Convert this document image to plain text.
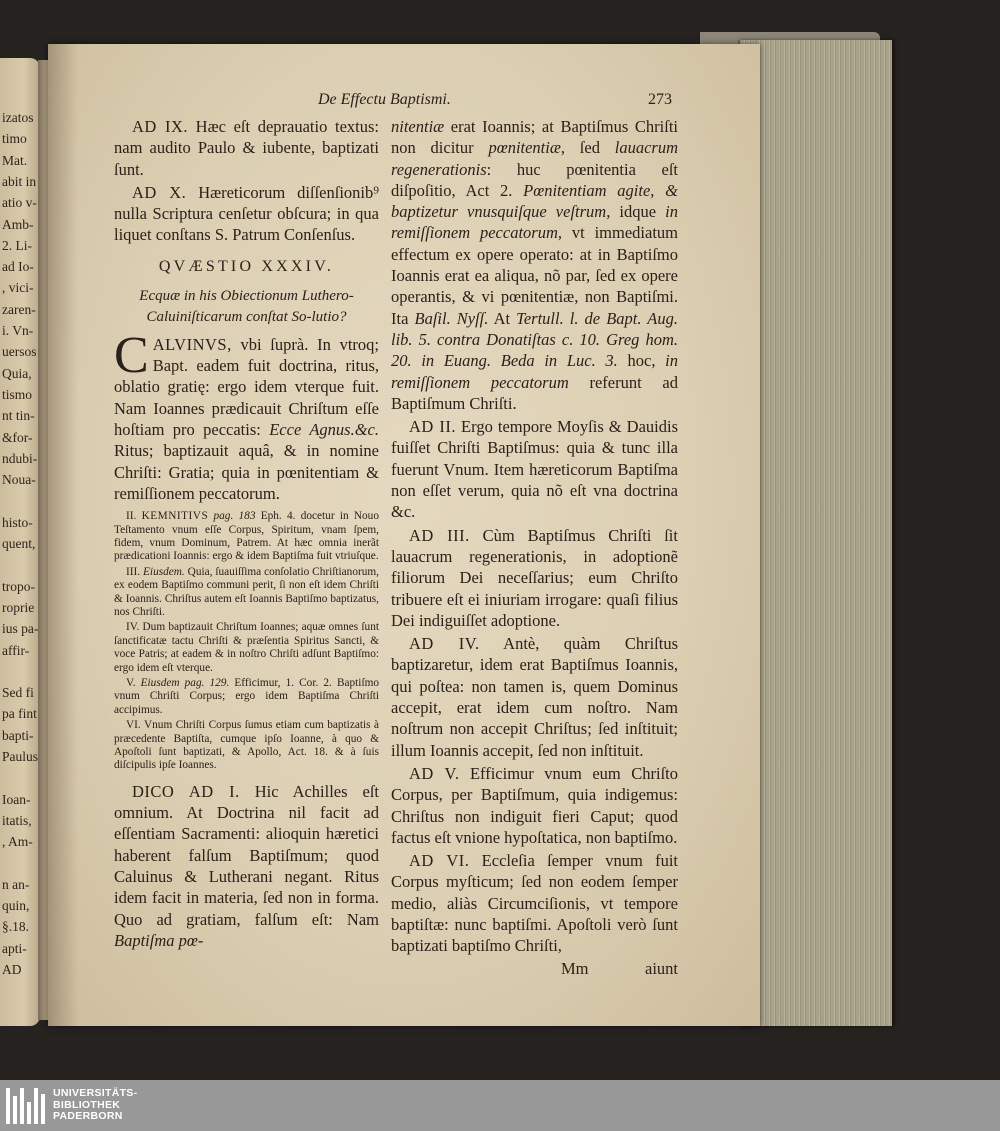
izatos
timo
Mat.
abit in
atio v-
Amb-
2. Li-
ad Io-
, vici-
zaren-
i. Vn-
uersos
Quia,
tismo
nt tin-
&for-
ndubi-
Noua-
histo-
quent,
tropo-
roprie
ius pa-
affir-
Sed fi
pa fint
bapti-
Paulus
Ioan-
itatis,
, Am-
n an-
quin,
§.18.
apti-
AD
De Effectu Baptismi.	273

AD IX. Hæc eſt deprauatio textus: nam audito Paulo & iubente, baptizati ſunt.

AD X. Hæreticorum diſſenſionib⁹ nulla Scriptura cenſetur obſcura; in qua liquet conſtans S. Patrum Conſenſus.

QVÆSTIO XXXIV.

Ecquæ in his Obiectionum Luthero-Caluiniſticarum conſtat So-lutio?

CALVINVS, vbi ſuprà. In vtroq; Bapt. eadem fuit doctrina, ritus, oblatio gratię: ergo idem vterque fuit. Nam Ioannes prædicauit Chriſtum eſſe hoſtiam pro peccatis: Ecce Agnus.&c. Ritus; baptizauit aquâ, & in nomine Chriſti: Gratia; quia in pœnitentiam & remiſſionem peccatorum.

II. KEMNITIVS pag. 183 Eph. 4. docetur in Nouo Teſtamento vnum eſſe Corpus, Spiritum, vnam ſpem, fidem, vnum Dominum, Patrem. At hæc omnia inerãt prædicationi Ioannis: ergo & idem Baptiſma fuit vtriuſque.

III. Eiusdem. Quia, ſuauiſſima conſolatio Chriſtianorum, ex eodem Baptiſmo communi perit, ſi non eſt idem Chriſti & Ioannis. Chriſtus autem eſt Ioannis Baptiſmo baptizatus, nos Chriſti.

IV. Dum baptizauit Chriſtum Ioannes; aquæ omnes ſunt ſanctificatæ tactu Chriſti & præſentia Spiritus Sancti, & voce Patris; at eadem & in noſtro Chriſti adſunt Baptiſmo: ergo idem eſt vterque.

V. Eiusdem pag. 129. Efficimur, 1. Cor. 2. Baptiſmo vnum Chriſti Corpus; ergo idem Baptiſma Chriſti accipimus.

VI. Vnum Chriſti Corpus ſumus etiam cum baptizatis à præcedente Baptiſta, cumque ipſo Ioanne, à quo & Apoſtoli ſunt baptizati, & Apollo, Act. 18. & à ſuis diſcipulis ipſe Ioannes.

DICO AD I. Hic Achilles eſt omnium. At Doctrina nil facit ad eſſentiam Sacramenti: alioquin hæretici haberent falſum Baptiſmum; quod Caluinus & Lutherani negant. Ritus idem facit in materia, ſed non in forma. Quo ad gratiam, falſum eſt: Nam Baptiſma pœ-

nitentiæ erat Ioannis; at Baptiſmus Chriſti non dicitur pœnitentiæ, ſed lauacrum regenerationis: huc pœnitentia eſt diſpoſitio, Act 2. Pœnitentiam agite, & baptizetur vnusquiſque veſtrum, idque in remiſſionem peccatorum, vt immediatum effectum ex opere operato: at in Baptiſmo Ioannis erat ea aliqua, nõ par, ſed ex opere operantis, & vi pœnitentiæ, non Baptiſmi. Ita Baſil. Nyſſ. At Tertull. l. de Bapt. Aug. lib. 5. contra Donatiſtas c. 10. Greg hom. 20. in Euang. Beda in Luc. 3. hoc, in remiſſionem peccatorum referunt ad Baptiſmum Chriſti.

AD II. Ergo tempore Moyſis & Dauidis fuiſſet Chriſti Baptiſmus: quia & tunc illa fuerunt Vnum. Item hæreticorum Baptiſma non eſſet verum, quia nõ eſt vna doctrina &c.

AD III. Cùm Baptiſmus Chriſti ſit lauacrum regenerationis, in adoptionẽ filiorum Dei neceſſarius; eum Chriſto tribuere eſt ei iniuriam irrogare: quaſi filius Dei indiguiſſet adoptione.

AD IV. Antè, quàm Chriſtus baptizaretur, idem erat Baptiſmus Ioannis, qui poſtea: non tamen is, quem Dominus accepit, erat idem cum noſtro. Nam noſtrum non accepit Chriſtus; ſed inſtituit; illum Ioannis accepit, ſed non inſtituit.

AD V. Efficimur vnum eum Chriſto Corpus, per Baptiſmum, quia indigemus: Chriſtus non indiguit fieri Caput; quod factus eſt vnione hypoſtatica, non baptiſmo.

AD VI. Eccleſia ſemper vnum fuit Corpus myſticum; ſed non eodem ſemper medio, aliàs Circumciſionis, vt tempore baptiſtæ: nunc baptiſmi. Apoſtoli verò ſunt baptizati baptiſmo Chriſti,

Mm	aiunt
UNIVERSITÄTS-
BIBLIOTHEK
PADERBORN
